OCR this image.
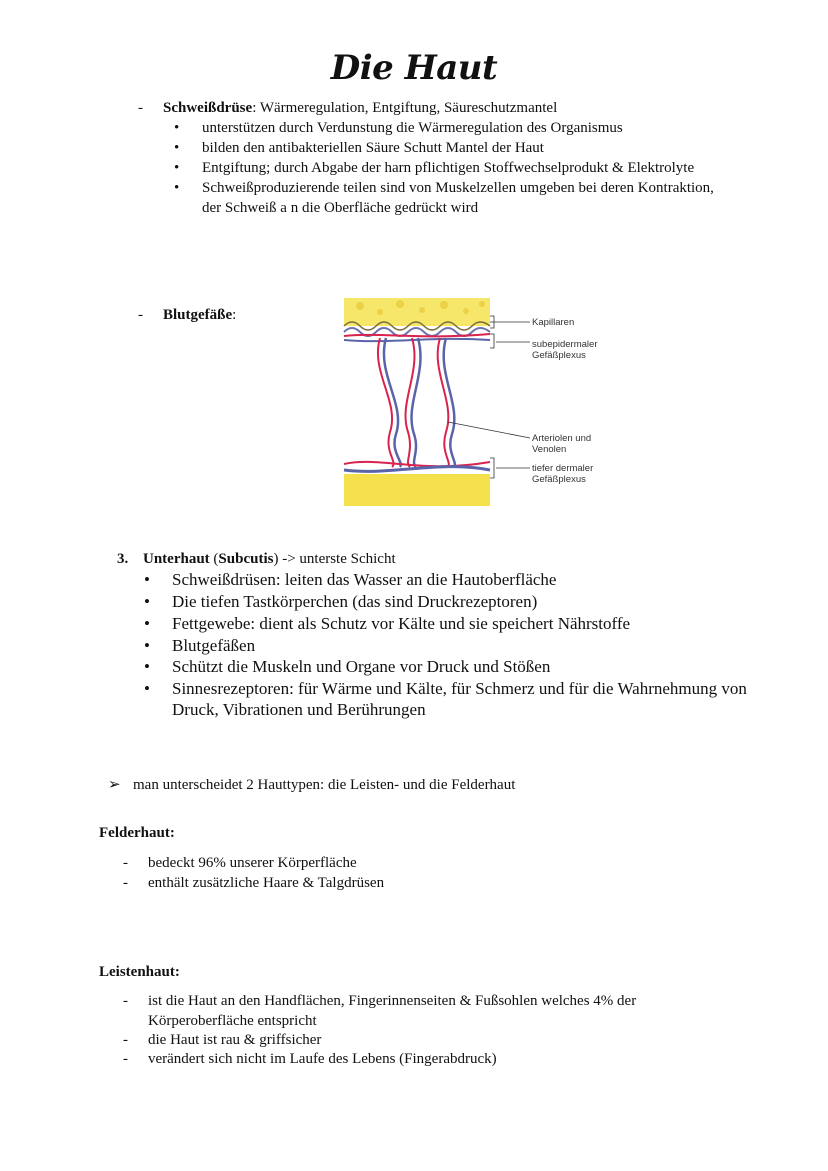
Die Haut
- Schweißdrüse: Wärmeregulation, Entgiftung, Säureschutzmantel
• unterstützen durch Verdunstung die Wärmeregulation des Organismus
• bilden den antibakteriellen Säure Schutt Mantel der Haut
• Entgiftung; durch Abgabe der harn pflichtigen Stoffwechselprodukt & Elektrolyte
• Schweißproduzierende teilen sind von Muskelzellen umgeben bei deren Kontraktion,
der Schweiß a n die Oberfläche gedrückt wird
- Blutgefäße:	Kapillaren
subepidermaler
Gefäßplexus
Arteriolen und
Venolen
tiefer dermaler
Gefäßplexus
3. Unterhaut (Subcutis) -> unterste Schicht
• Schweißdrüsen: leiten das Wasser an die Hautoberfläche
• Die tiefen Tastkörperchen (das sind Druckrezeptoren)
• Fettgewebe: dient als Schutz vor Kälte und sie speichert Nährstoffe
• Blutgefäßen
• Schützt die Muskeln und Organe vor Druck und Stößen
• Sinnesrezeptoren: für Wärme und Kälte, für Schmerz und für die Wahrnehmung von
Druck, Vibrationen und Berührungen
➢ man unterscheidet 2 Hauttypen: die Leisten- und die Felderhaut
Felderhaut:
- bedeckt 96% unserer Körperfläche
- enthält zusätzliche Haare & Talgdrüsen
Leistenhaut:
- ist die Haut an den Handflächen, Fingerinnenseiten & Fußsohlen welches 4% der
Körperoberfläche entspricht
- die Haut ist rau & griffsicher
- verändert sich nicht im Laufe des Lebens (Fingerabdruck)
